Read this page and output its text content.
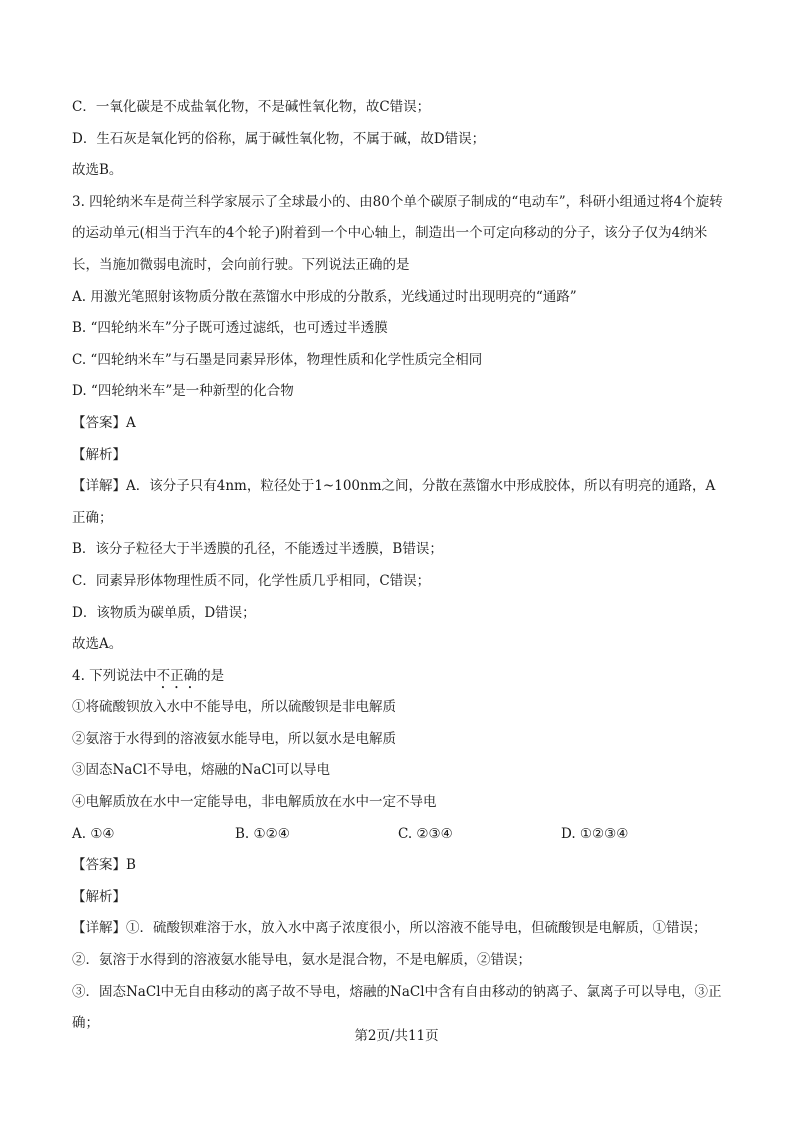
C．一氧化碳是不成盐氧化物，不是碱性氧化物，故C错误；
D．生石灰是氧化钙的俗称，属于碱性氧化物，不属于碱，故D错误；
故选B。
3. 四轮纳米车是荷兰科学家展示了全球最小的、由80个单个碳原子制成的“电动车”，科研小组通过将4个旋转的运动单元(相当于汽车的4个轮子)附着到一个中心轴上，制造出一个可定向移动的分子，该分子仅为4纳米长，当施加微弱电流时，会向前行驶。下列说法正确的是
A. 用激光笔照射该物质分散在蒸馏水中形成的分散系，光线通过时出现明亮的“通路”
B. “四轮纳米车”分子既可透过滤纸，也可透过半透膜
C. “四轮纳米车”与石墨是同素异形体，物理性质和化学性质完全相同
D. “四轮纳米车”是一种新型的化合物
【答案】A
【解析】
【详解】A．该分子只有4nm，粒径处于1~100nm之间，分散在蒸馏水中形成胶体，所以有明亮的通路，A正确；
B．该分子粒径大于半透膜的孔径，不能透过半透膜，B错误；
C．同素异形体物理性质不同，化学性质几乎相同，C错误；
D．该物质为碳单质，D错误；
故选A。
4. 下列说法中不正确的是
①将硫酸钡放入水中不能导电，所以硫酸钡是非电解质
②氨溶于水得到的溶液氨水能导电，所以氨水是电解质
③固态NaCl不导电，熔融的NaCl可以导电
④电解质放在水中一定能导电，非电解质放在水中一定不导电
A. ①④	B. ①②④	C. ②③④	D. ①②③④
【答案】B
【解析】
【详解】①．硫酸钡难溶于水，放入水中离子浓度很小，所以溶液不能导电，但硫酸钡是电解质，①错误；
②．氨溶于水得到的溶液氨水能导电，氨水是混合物，不是电解质，②错误；
③．固态NaCl中无自由移动的离子故不导电，熔融的NaCl中含有自由移动的钠离子、氯离子可以导电，③正确；
第2页/共11页
